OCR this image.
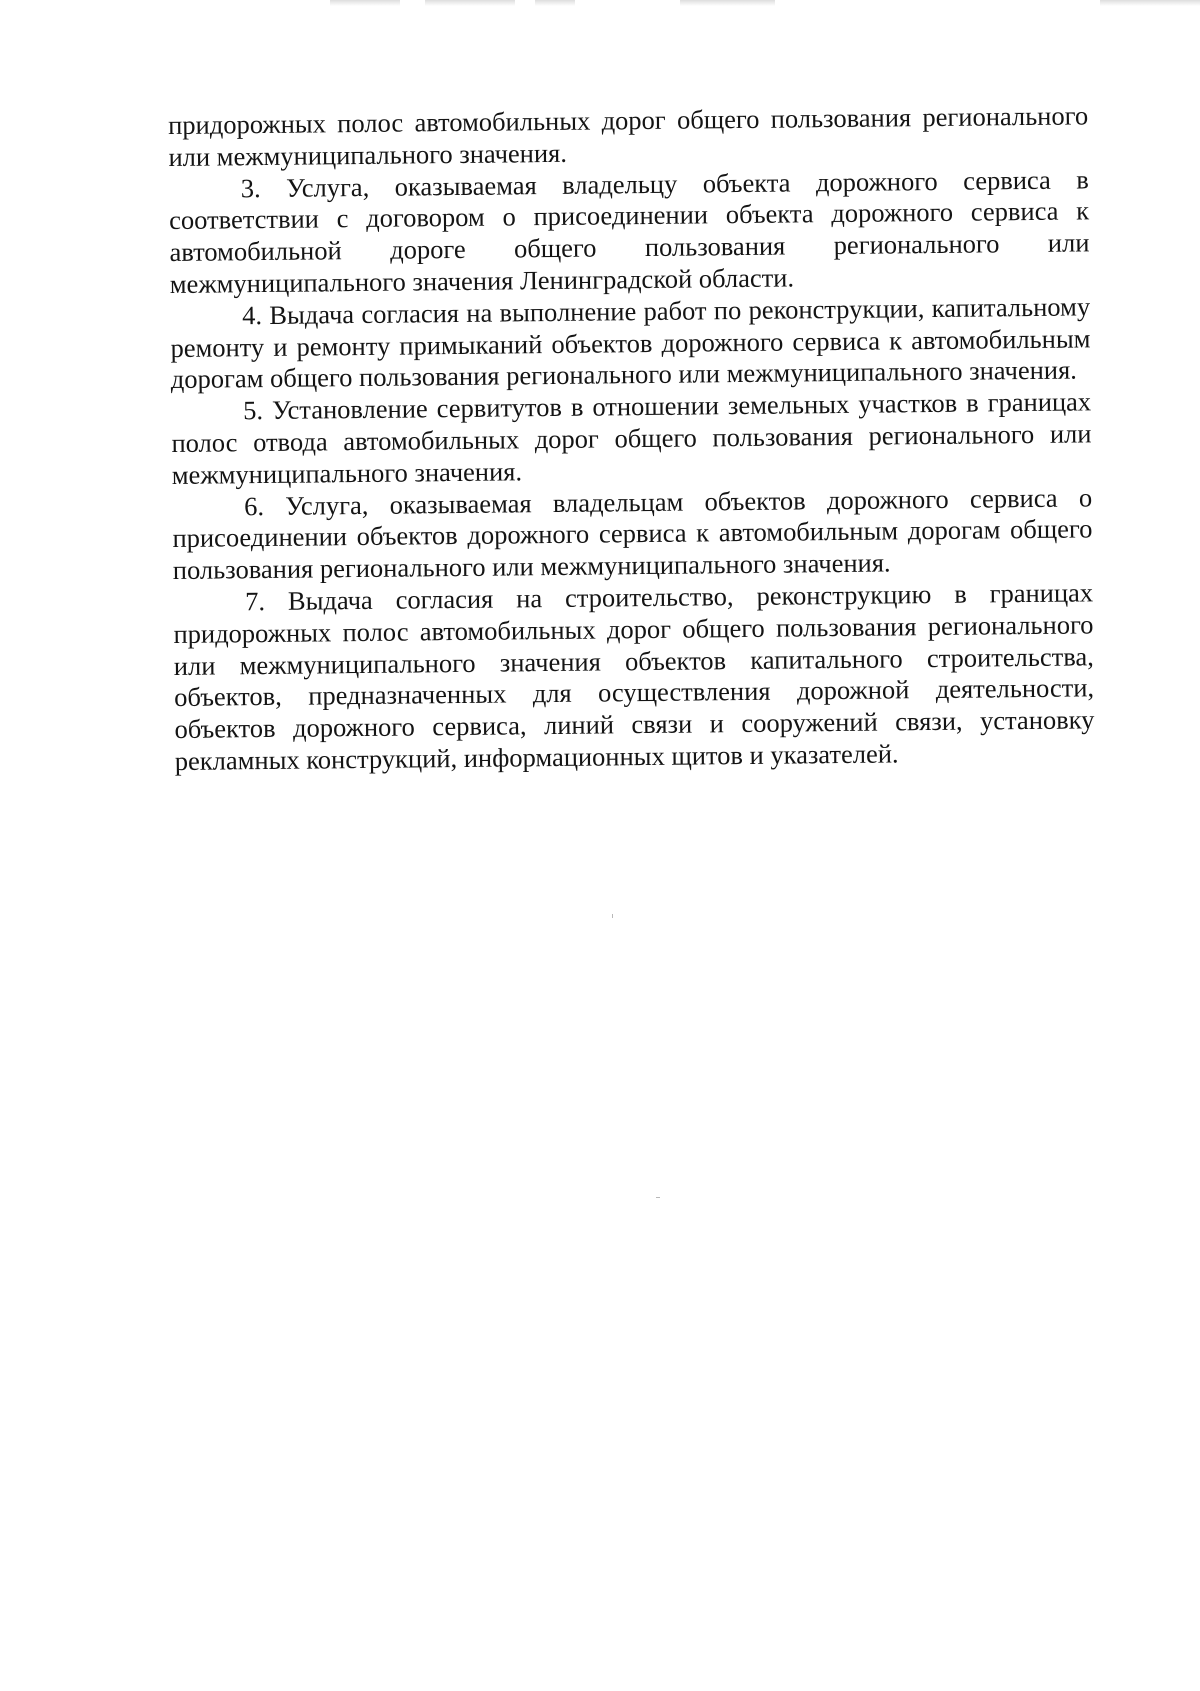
придорожных полос автомобильных дорог общего пользования регионального или межмуниципального значения.

3. Услуга, оказываемая владельцу объекта дорожного сервиса в соответствии с договором о присоединении объекта дорожного сервиса к автомобильной дороге общего пользования регионального или межмуниципального значения Ленинградской области.

4. Выдача согласия на выполнение работ по реконструкции, капитальному ремонту и ремонту примыканий объектов дорожного сервиса к автомобильным дорогам общего пользования регионального или межмуниципального значения.

5. Установление сервитутов в отношении земельных участков в границах полос отвода автомобильных дорог общего пользования регионального или межмуниципального значения.

6. Услуга, оказываемая владельцам объектов дорожного сервиса о присоединении объектов дорожного сервиса к автомобильным дорогам общего пользования регионального или межмуниципального значения.

7. Выдача согласия на строительство, реконструкцию в границах придорожных полос автомобильных дорог общего пользования регионального или межмуниципального значения объектов капитального строительства, объектов, предназначенных для осуществления дорожной деятельности, объектов дорожного сервиса, линий связи и сооружений связи, установку рекламных конструкций, информационных щитов и указателей.
